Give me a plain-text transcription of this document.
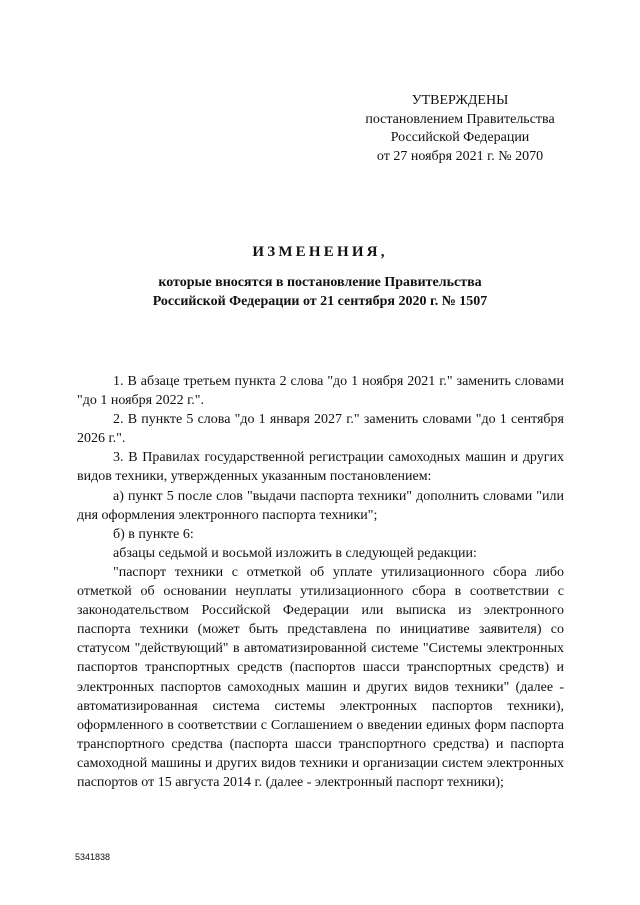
УТВЕРЖДЕНЫ
постановлением Правительства
Российской Федерации
от 27 ноября 2021 г. № 2070
ИЗМЕНЕНИЯ,
которые вносятся в постановление Правительства
Российской Федерации от 21 сентября 2020 г. № 1507

1. В абзаце третьем пункта 2 слова "до 1 ноября 2021 г." заменить словами "до 1 ноября 2022 г.".

2. В пункте 5 слова "до 1 января 2027 г." заменить словами "до 1 сентября 2026 г.".

3. В Правилах государственной регистрации самоходных машин и других видов техники, утвержденных указанным постановлением:

а) пункт 5 после слов "выдачи паспорта техники" дополнить словами "или дня оформления электронного паспорта техники";

б) в пункте 6:

абзацы седьмой и восьмой изложить в следующей редакции:

"паспорт техники с отметкой об уплате утилизационного сбора либо отметкой об основании неуплаты утилизационного сбора в соответствии с законодательством Российской Федерации или выписка из электронного паспорта техники (может быть представлена по инициативе заявителя) со статусом "действующий" в автоматизированной системе "Системы электронных паспортов транспортных средств (паспортов шасси транспортных средств) и электронных паспортов самоходных машин и других видов техники" (далее - автоматизированная система системы электронных паспортов техники), оформленного в соответствии с Соглашением о введении единых форм паспорта транспортного средства (паспорта шасси транспортного средства) и паспорта самоходной машины и других видов техники и организации систем электронных паспортов от 15 августа 2014 г. (далее - электронный паспорт техники);

5341838
